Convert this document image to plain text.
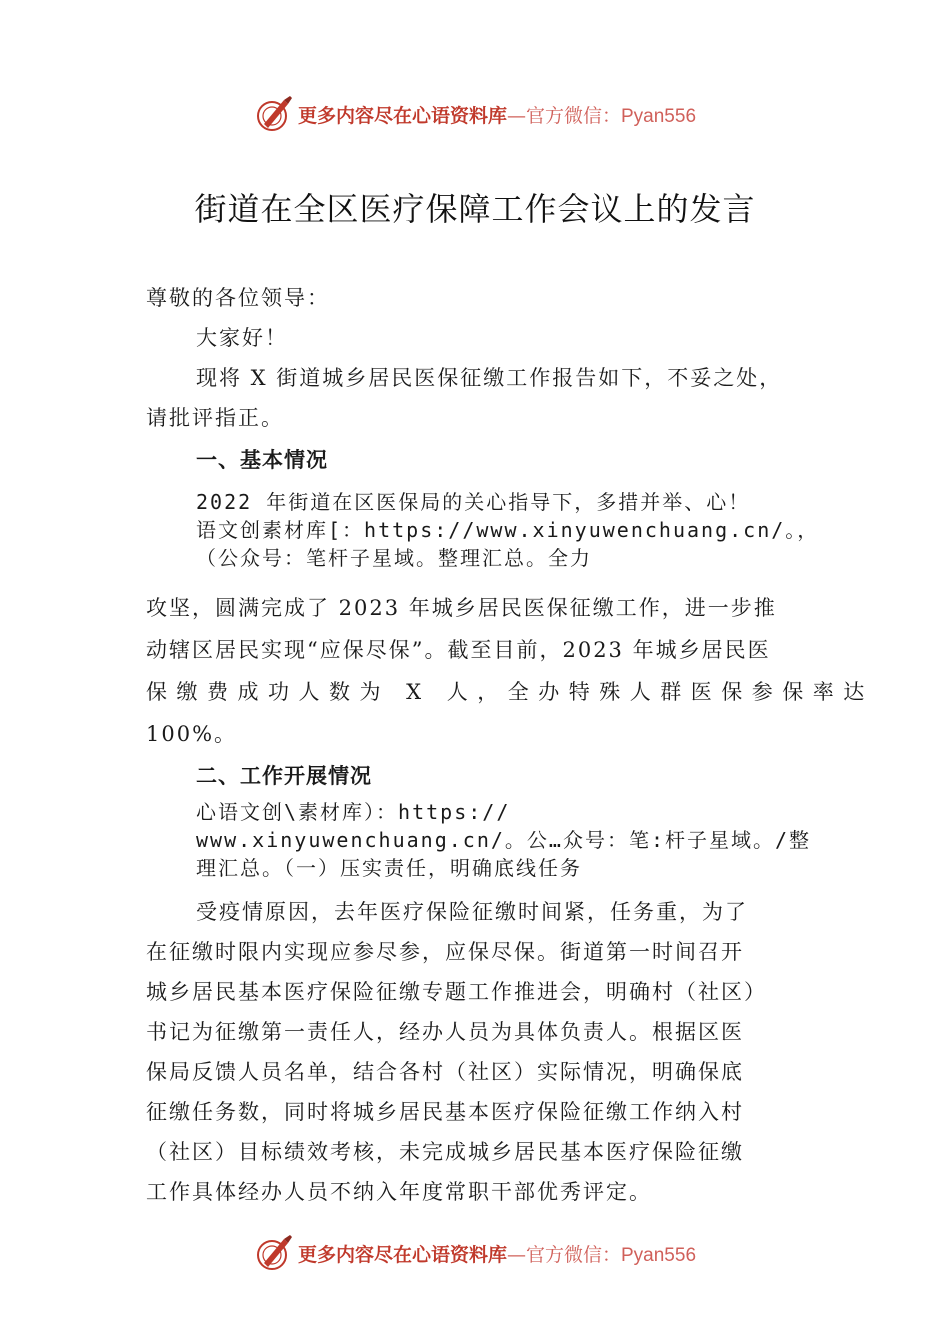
更多内容尽在心语资料库—官方微信：Pyan556
街道在全区医疗保障工作会议上的发言
尊敬的各位领导：
大家好！
现将 X 街道城乡居民医保征缴工作报告如下，不妥之处，
请批评指正。
一、基本情况
2022 年街道在区医保局的关心指导下，多措并举、心！
语文创素材库[：https://www.xinyuwenchuang.cn/。，
（公众号：笔杆子星域。整理汇总。全力
攻坚，圆满完成了 2023 年城乡居民医保征缴工作，进一步推
动辖区居民实现“应保尽保”。截至目前，2023 年城乡居民医
保缴费成功人数为 X 人，全办特殊人群医保参保率达
100%。
二、工作开展情况
心语文创\素材库）：https://
www.xinyuwenchuang.cn/。公…众号：笔:杆子星域。/整
理汇总。（一）压实责任，明确底线任务
受疫情原因，去年医疗保险征缴时间紧，任务重，为了
在征缴时限内实现应参尽参，应保尽保。街道第一时间召开
城乡居民基本医疗保险征缴专题工作推进会，明确村（社区）
书记为征缴第一责任人，经办人员为具体负责人。根据区医
保局反馈人员名单，结合各村（社区）实际情况，明确保底
征缴任务数，同时将城乡居民基本医疗保险征缴工作纳入村
（社区）目标绩效考核，未完成城乡居民基本医疗保险征缴
工作具体经办人员不纳入年度常职干部优秀评定。
更多内容尽在心语资料库—官方微信：Pyan556
